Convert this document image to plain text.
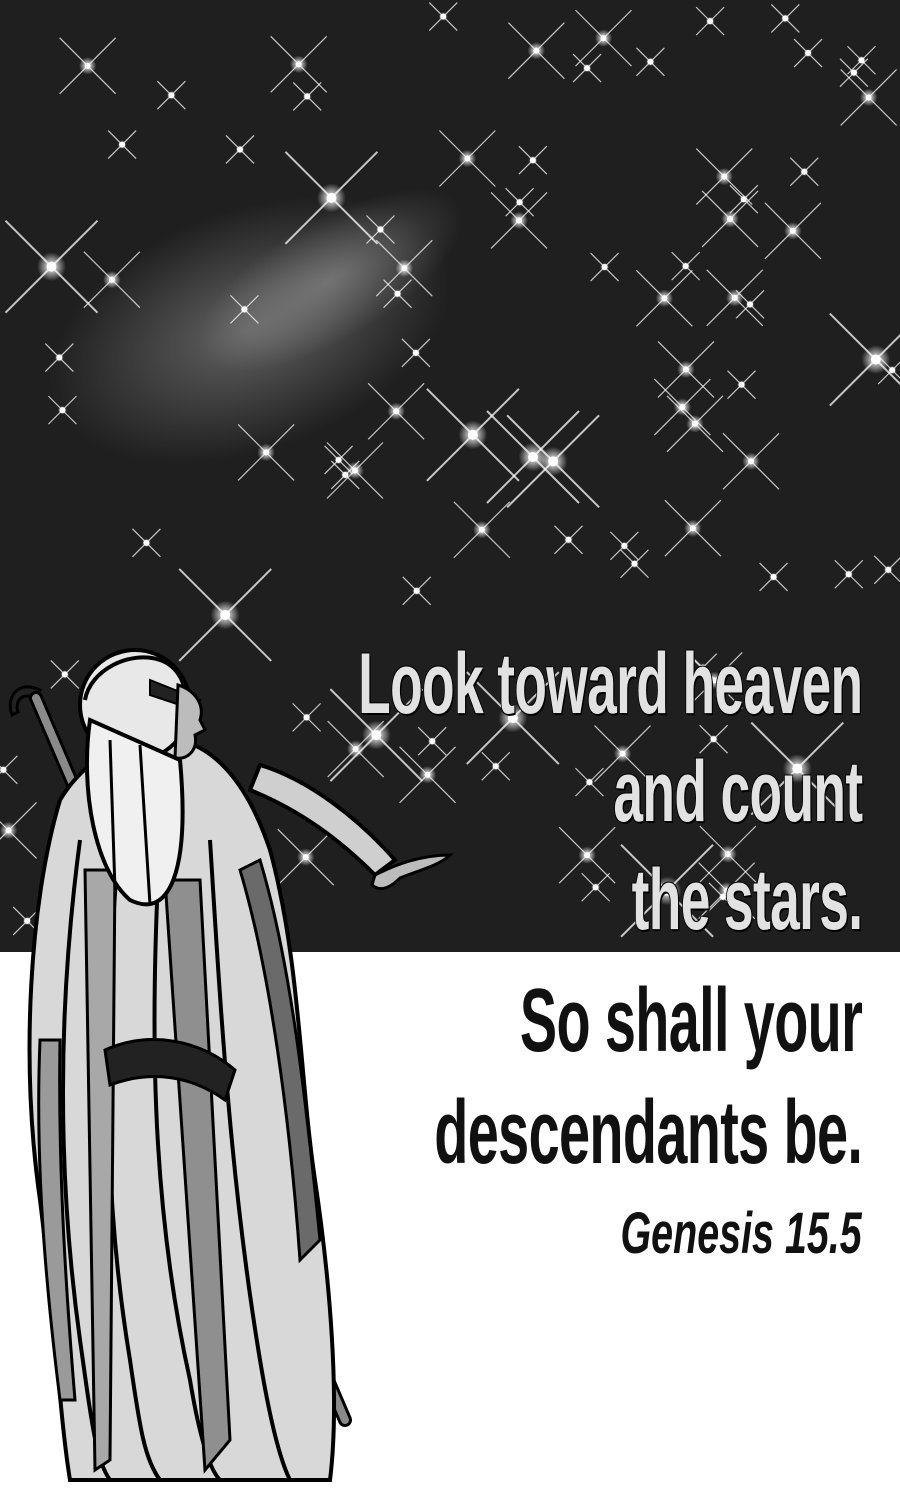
Look toward heaven
and count
the stars.
So shall your
descendants be.
Genesis 15.5
